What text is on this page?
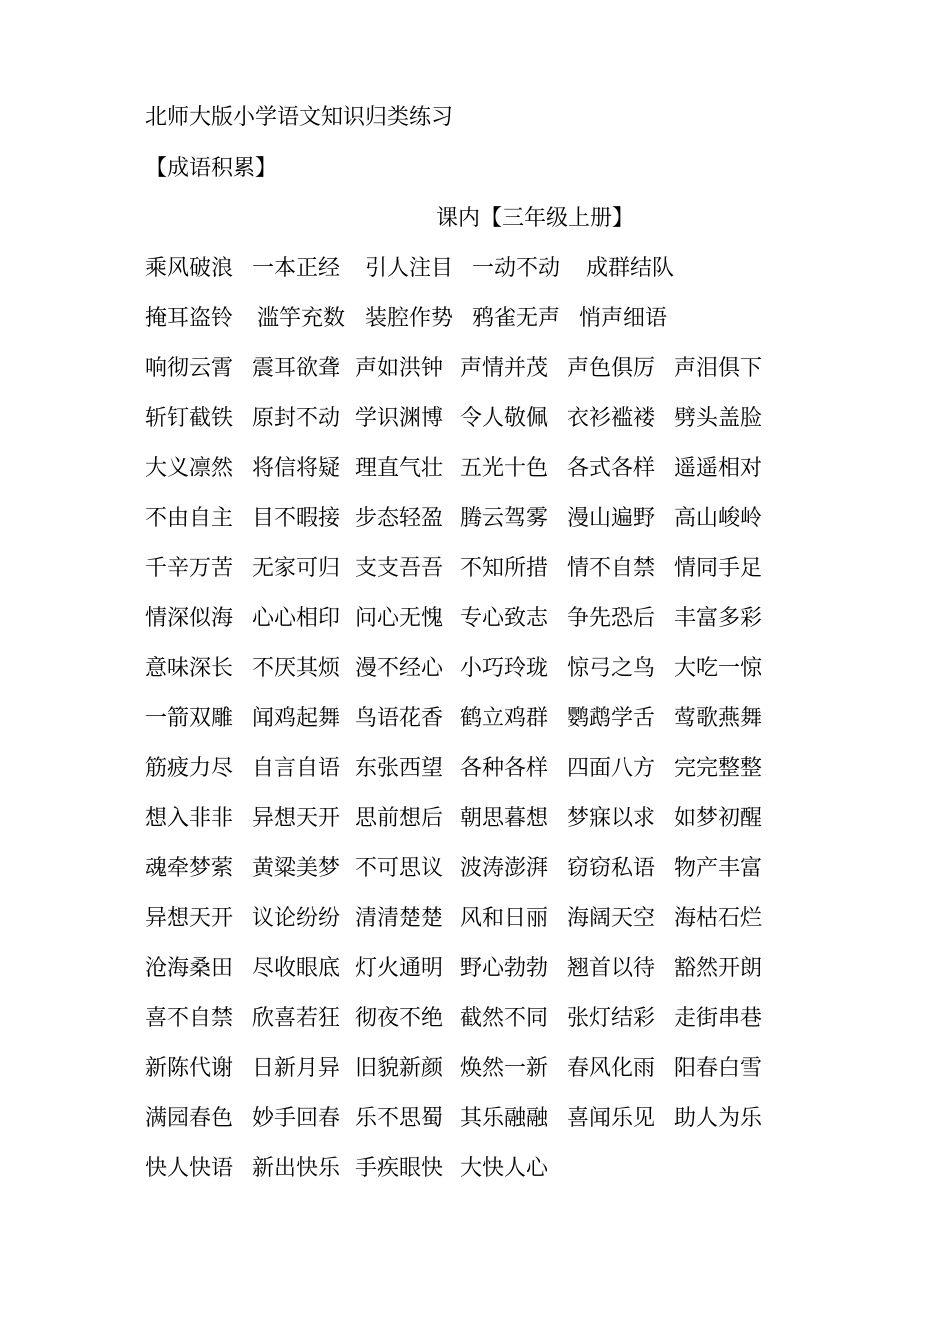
北师大版小学语文知识归类练习
【成语积累】
课内【三年级上册】
乘风破浪 一本正经 引人注目 一动不动 成群结队
掩耳盗铃 滥竽充数 装腔作势 鸦雀无声 悄声细语
响彻云霄 震耳欲聋 声如洪钟 声情并茂 声色俱厉 声泪俱下
斩钉截铁 原封不动 学识渊博 令人敬佩 衣衫褴褛 劈头盖脸
大义凛然 将信将疑 理直气壮 五光十色 各式各样 遥遥相对
不由自主 目不暇接 步态轻盈 腾云驾雾 漫山遍野 高山峻岭
千辛万苦 无家可归 支支吾吾 不知所措 情不自禁 情同手足
情深似海 心心相印 问心无愧 专心致志 争先恐后 丰富多彩
意味深长 不厌其烦 漫不经心 小巧玲珑 惊弓之鸟 大吃一惊
一箭双雕 闻鸡起舞 鸟语花香 鹤立鸡群 鹦鹉学舌 莺歌燕舞
筋疲力尽 自言自语 东张西望 各种各样 四面八方 完完整整
想入非非 异想天开 思前想后 朝思暮想 梦寐以求 如梦初醒
魂牵梦萦 黄粱美梦 不可思议 波涛澎湃 窃窃私语 物产丰富
异想天开 议论纷纷 清清楚楚 风和日丽 海阔天空 海枯石烂
沧海桑田 尽收眼底 灯火通明 野心勃勃 翘首以待 豁然开朗
喜不自禁 欣喜若狂 彻夜不绝 截然不同 张灯结彩 走街串巷
新陈代谢 日新月异 旧貌新颜 焕然一新 春风化雨 阳春白雪
满园春色 妙手回春 乐不思蜀 其乐融融 喜闻乐见 助人为乐
快人快语 新出快乐 手疾眼快 大快人心
